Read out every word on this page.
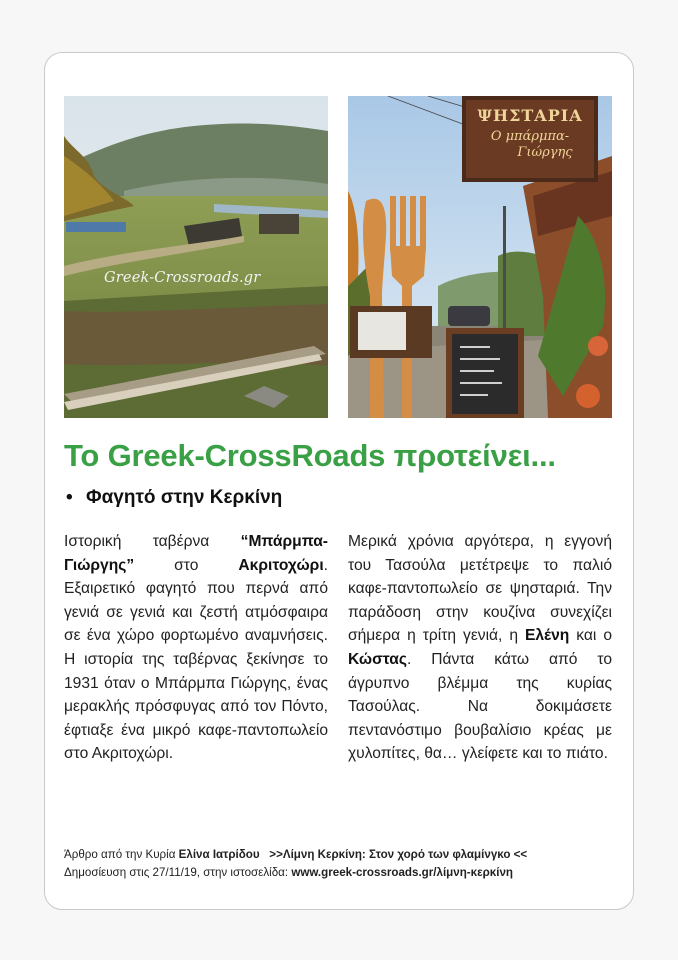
Greek-Crossroads.gr
ΨΗΣΤΑΡΙΑ
Ο μπάρμπα-
Γιώργης
Το Greek-CrossRoads προτείνει...
• Φαγητό στην Κερκίνη
Ιστορική ταβέρνα “Μπάρμπα-Γιώργης” στο Ακριτοχώρι. Εξαιρετικό φαγητό που περνά από γενιά σε γενιά και ζεστή ατμόσφαιρα σε ένα χώρο φορτωμένο αναμνήσεις. Η ιστορία της ταβέρνας ξεκίνησε το 1931 όταν ο Μπάρμπα Γιώργης, ένας μερακλής πρόσφυγας από τον Πόντο, έφτιαξε ένα μικρό καφε-παντοπωλείο στο Ακριτοχώρι.
Μερικά χρόνια αργότερα, η εγγονή του Τασούλα μετέτρεψε το παλιό καφε-παντοπωλείο σε ψησταριά. Την παράδοση στην κουζίνα συνεχίζει σήμερα η τρίτη γενιά, η Ελένη και ο Κώστας. Πάντα κάτω από το άγρυπνο βλέμμα της κυρίας Τασούλας. Να δοκιμάσετε πεντανόστιμο βουβαλίσιο κρέας με χυλοπίτες, θα… γλείφετε και το πιάτο.
Άρθρο από την Κυρία Ελίνα Ιατρίδου >>Λίμνη Κερκίνη: Στον χορό των φλαμίνγκο <<
Δημοσίευση στις 27/11/19, στην ιστοσελίδα: www.greek-crossroads.gr/λίμνη-κερκίνη
